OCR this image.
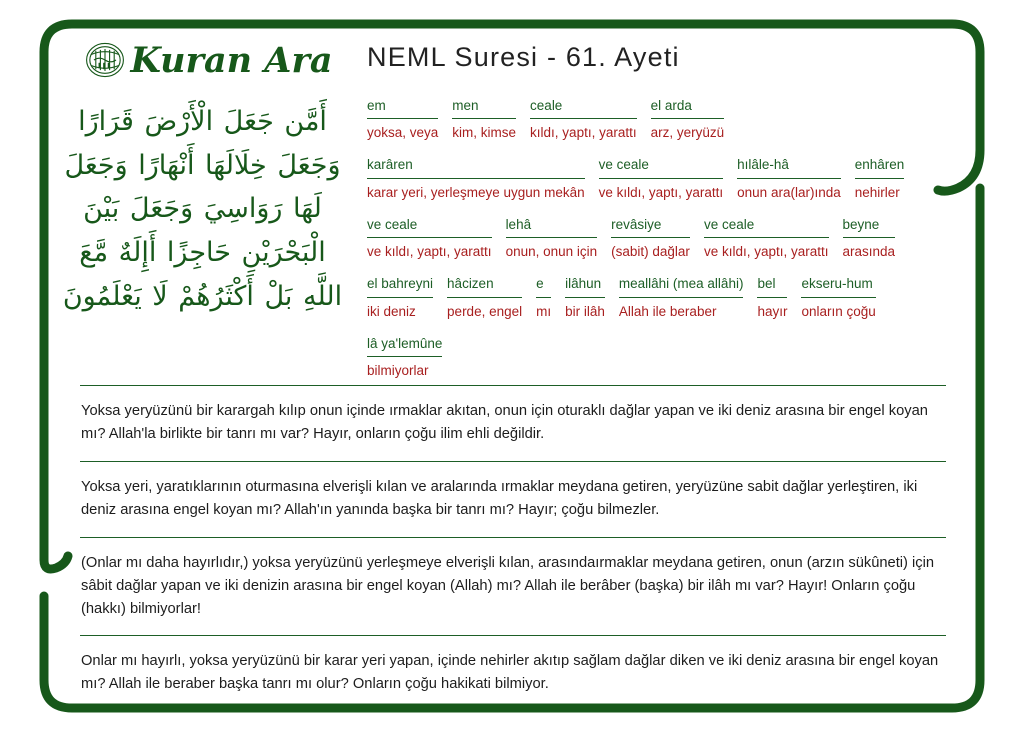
Kuran Ara
أَمَّن جَعَلَ الْأَرْضَ قَرَارًا
وَجَعَلَ خِلَالَهَا أَنْهَارًا وَجَعَلَ
لَهَا رَوَاسِيَ وَجَعَلَ بَيْنَ
الْبَحْرَيْنِ حَاجِزًا أَإِلَهٌ مَّعَ
اللَّهِ بَلْ أَكْثَرُهُمْ لَا يَعْلَمُونَ
NEML Suresi - 61. Ayeti
em
yoksa, veya
men
kim, kimse
ceale
kıldı, yaptı, yarattı
el arda
arz, yeryüzü
karâren
karar yeri, yerleşmeye uygun mekân
ve ceale
ve kıldı, yaptı, yarattı
hılâle-hâ
onun ara(lar)ında
enhâren
nehirler
ve ceale
ve kıldı, yaptı, yarattı
lehâ
onun, onun için
revâsiye
(sabit) dağlar
ve ceale
ve kıldı, yaptı, yarattı
beyne
arasında
el bahreyni
iki deniz
hâcizen
perde, engel
e
mı
ilâhun
bir ilâh
meallâhi (mea allâhi)
Allah ile beraber
bel
hayır
ekseru-hum
onların çoğu
lâ ya'lemûne
bilmiyorlar
Yoksa yeryüzünü bir karargah kılıp onun içinde ırmaklar akıtan, onun için oturaklı dağlar yapan ve iki deniz arasına bir engel koyan mı? Allah'la birlikte bir tanrı mı var? Hayır, onların çoğu ilim ehli değildir.
Yoksa yeri, yaratıklarının oturmasına elverişli kılan ve aralarında ırmaklar meydana getiren, yeryüzüne sabit dağlar yerleştiren, iki deniz arasına engel koyan mı? Allah'ın yanında başka bir tanrı mı? Hayır; çoğu bilmezler.
(Onlar mı daha hayırlıdır,) yoksa yeryüzünü yerleşmeye elverişli kılan, arasındaırmaklar meydana getiren, onun (arzın sükûneti) için sâbit dağlar yapan ve iki denizin arasına bir engel koyan (Allah) mı? Allah ile berâber (başka) bir ilâh mı var? Hayır! Onların çoğu (hakkı) bilmiyorlar!
Onlar mı hayırlı, yoksa yeryüzünü bir karar yeri yapan, içinde nehirler akıtıp sağlam dağlar diken ve iki deniz arasına bir engel koyan mı? Allah ile beraber başka tanrı mı olur? Onların çoğu hakikati bilmiyor.
